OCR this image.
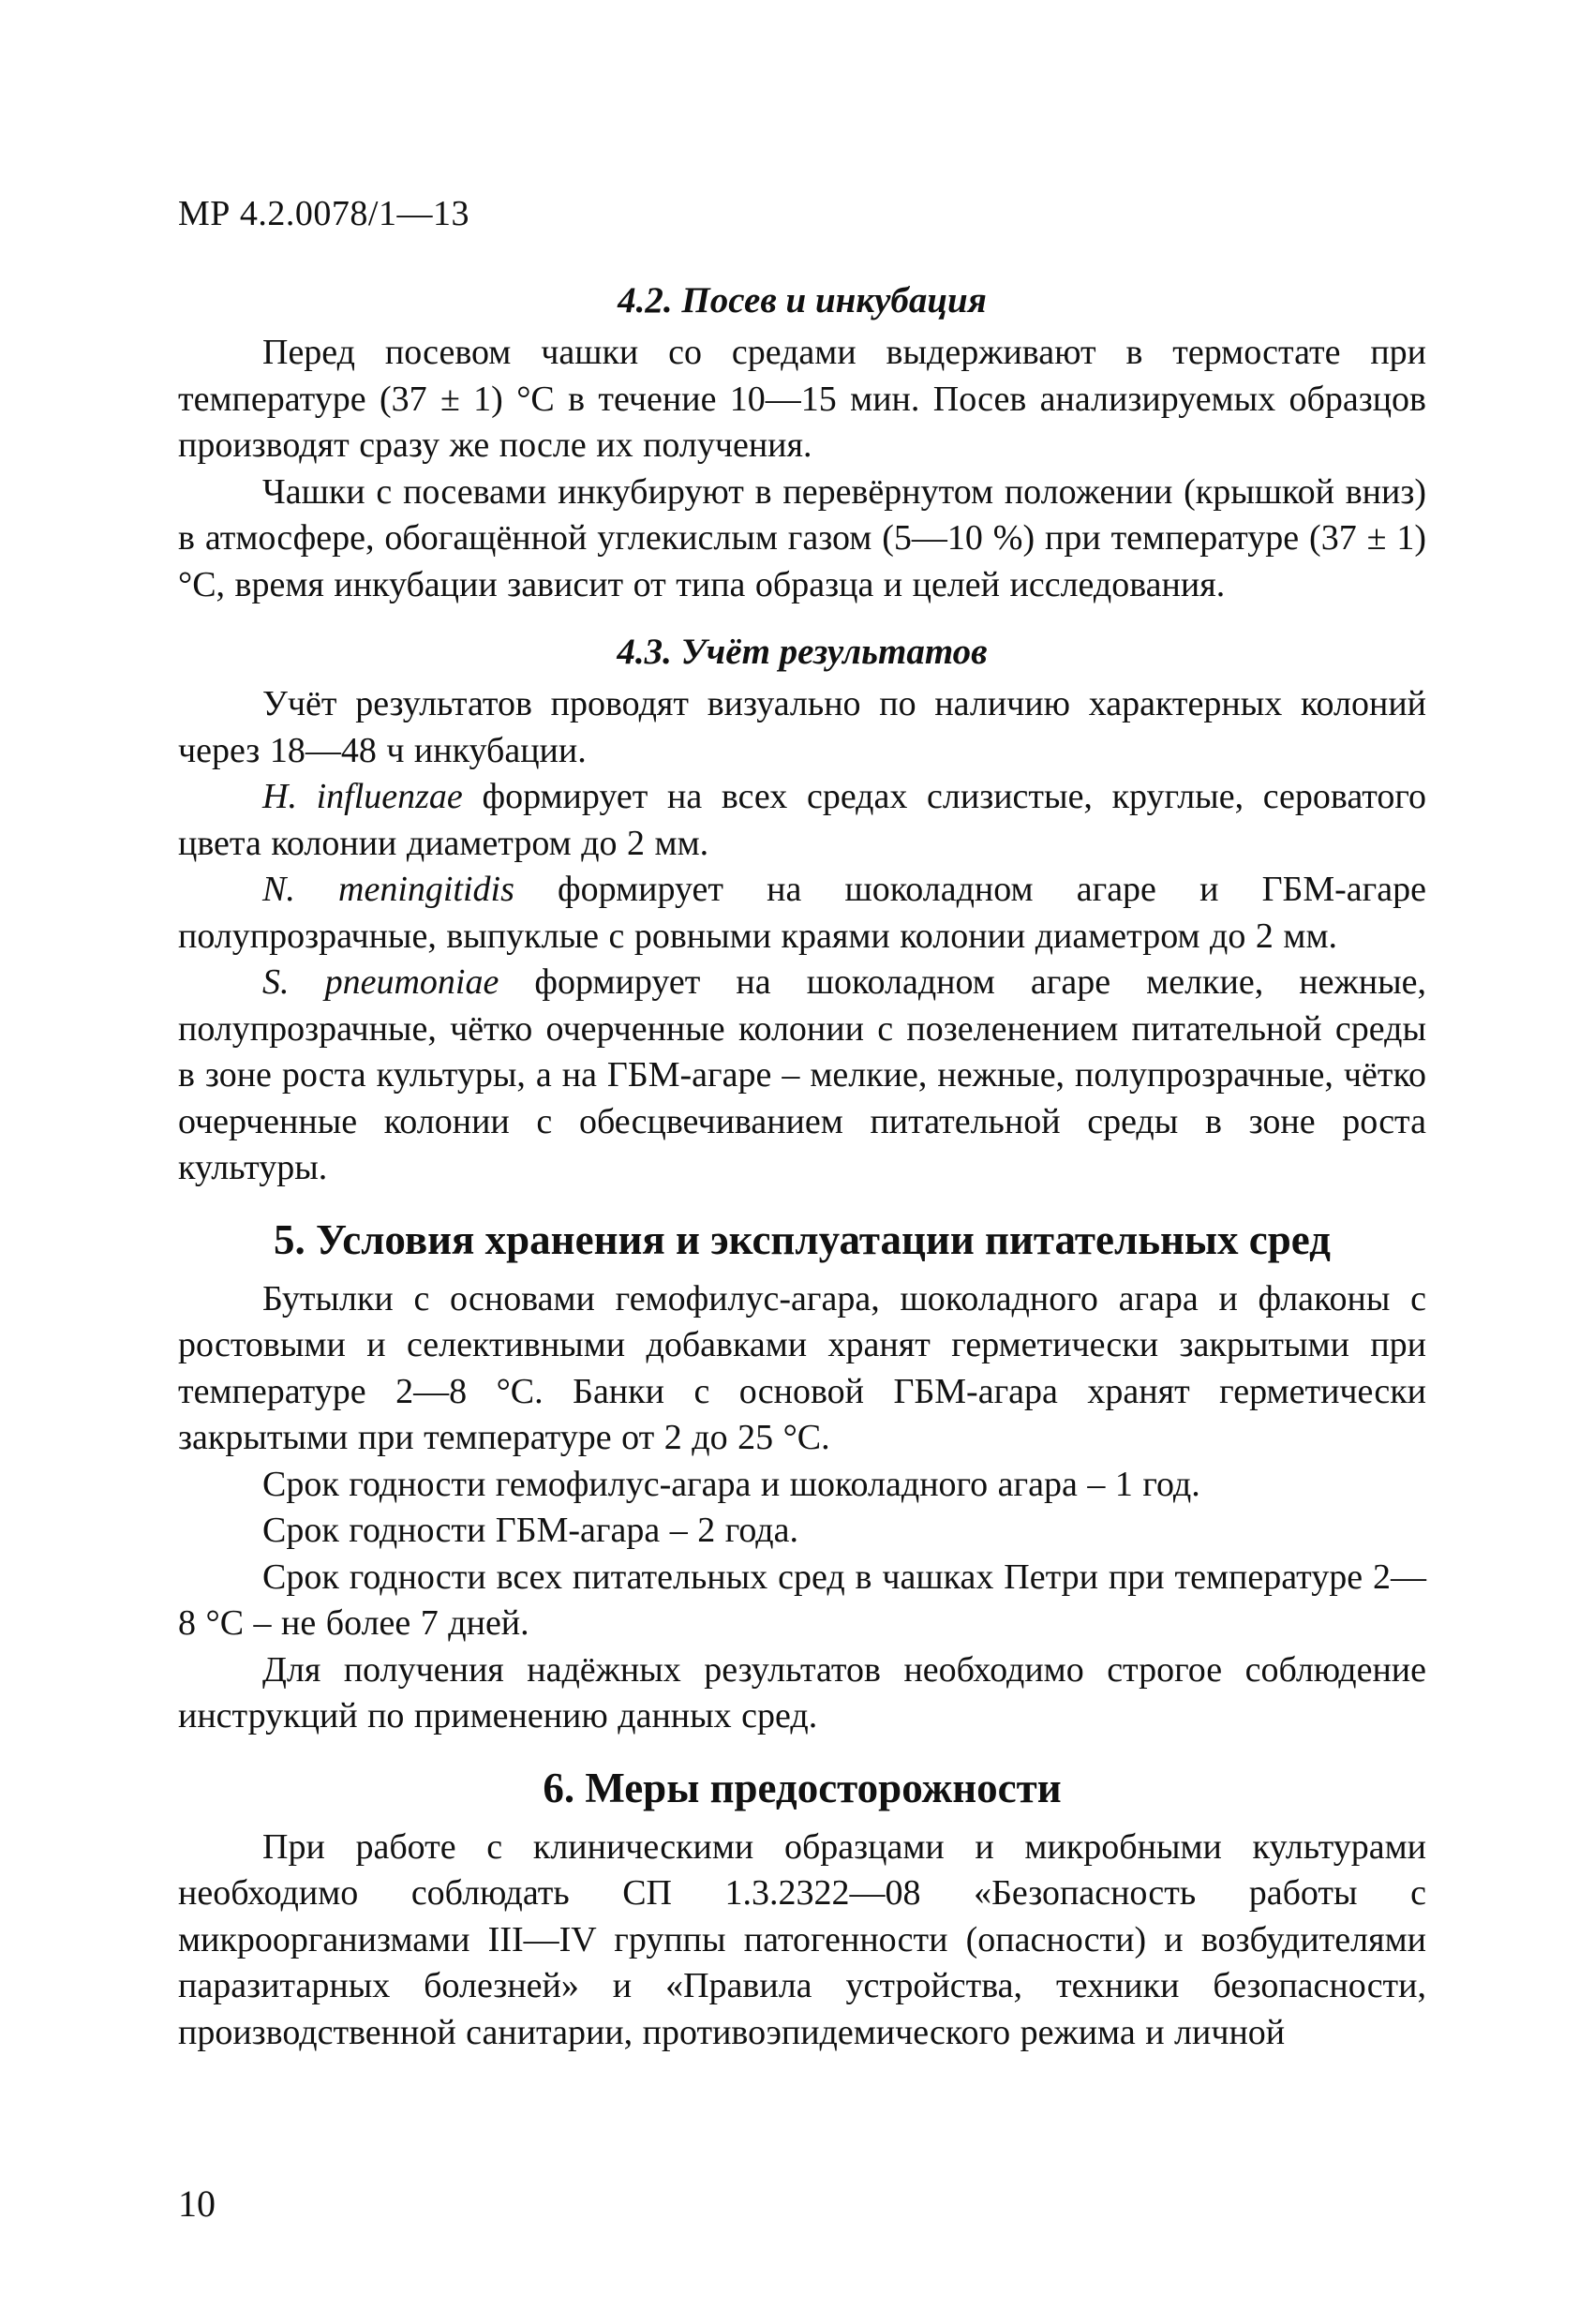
МР 4.2.0078/1—13
4.2. Посев и инкубация

Перед посевом чашки со средами выдерживают в термостате при температуре (37 ± 1) °С в течение 10—15 мин. Посев анализируемых образцов производят сразу же после их получения.

Чашки с посевами инкубируют в перевёрнутом положении (крышкой вниз) в атмосфере, обогащённой углекислым газом (5—10 %) при температуре (37 ± 1) °С, время инкубации зависит от типа образца и целей исследования.

4.3. Учёт результатов

Учёт результатов проводят визуально по наличию характерных колоний через 18—48 ч инкубации.

H. influenzae формирует на всех средах слизистые, круглые, сероватого цвета колонии диаметром до 2 мм.

N. meningitidis формирует на шоколадном агаре и ГБМ-агаре полупрозрачные, выпуклые с ровными краями колонии диаметром до 2 мм.

S. pneumoniae формирует на шоколадном агаре мелкие, нежные, полупрозрачные, чётко очерченные колонии с позеленением питательной среды в зоне роста культуры, а на ГБМ-агаре – мелкие, нежные, полупрозрачные, чётко очерченные колонии с обесцвечиванием питательной среды в зоне роста культуры.

5. Условия хранения и эксплуатации питательных сред

Бутылки с основами гемофилус-агара, шоколадного агара и флаконы с ростовыми и селективными добавками хранят герметически закрытыми при температуре 2—8 °С. Банки с основой ГБМ-агара хранят герметически закрытыми при температуре от 2 до 25 °С.

Срок годности гемофилус-агара и шоколадного агара – 1 год.

Срок годности ГБМ-агара – 2 года.

Срок годности всех питательных сред в чашках Петри при температуре 2—8 °С – не более 7 дней.

Для получения надёжных результатов необходимо строгое соблюдение инструкций по применению данных сред.

6. Меры предосторожности

При работе с клиническими образцами и микробными культурами необходимо соблюдать СП 1.3.2322—08 «Безопасность работы с микроорганизмами III—IV группы патогенности (опасности) и возбудителями паразитарных болезней» и «Правила устройства, техники безопасности, производственной санитарии, противоэпидемического режима и личной

10
